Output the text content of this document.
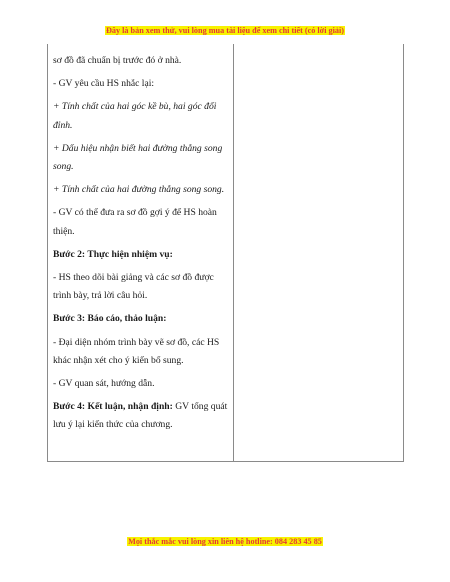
Đây là bản xem thử, vui lòng mua tài liệu để xem chi tiết (có lời giải)

sơ đồ đã chuẩn bị trước đó ở nhà.

- GV yêu cầu HS nhắc lại:

+ Tính chất của hai góc kề bù, hai góc đối đỉnh.

+ Dấu hiệu nhận biết hai đường thẳng song song.

+ Tính chất của hai đường thẳng song song.

- GV có thể đưa ra sơ đồ gợi ý để HS hoàn thiện.

Bước 2: Thực hiện nhiệm vụ:

- HS theo dõi bài giảng và các sơ đồ được trình bày, trả lời câu hỏi.

Bước 3: Báo cáo, thảo luận:

- Đại diện nhóm trình bày vẽ sơ đồ, các HS khác nhận xét cho ý kiến bổ sung.

- GV quan sát, hướng dẫn.

Bước 4: Kết luận, nhận định: GV tổng quát lưu ý lại kiến thức của chương.

Mọi thắc mắc vui lòng xin liên hệ hotline: 084 283 45 85
